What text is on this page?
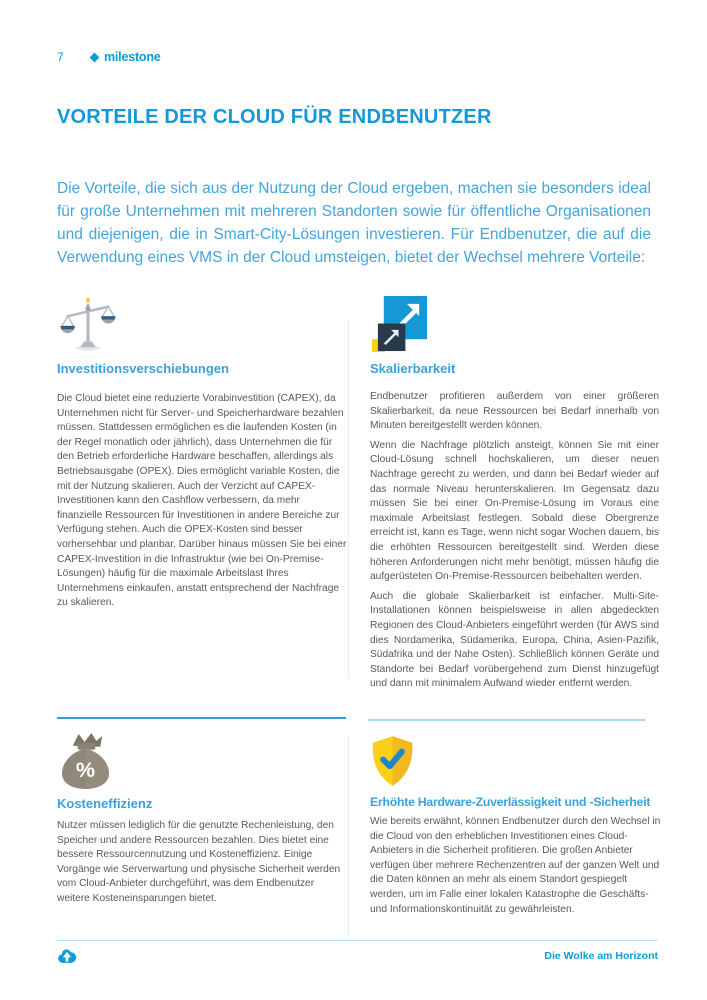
7	milestone
VORTEILE DER CLOUD FÜR ENDBENUTZER
Die Vorteile, die sich aus der Nutzung der Cloud ergeben, machen sie besonders ideal für große Unternehmen mit mehreren Standorten sowie für öffentliche Organisationen und diejenigen, die in Smart-City-Lösungen investieren. Für Endbenutzer, die auf die Verwendung eines VMS in der Cloud umsteigen, bietet der Wechsel mehrere Vorteile:
Investitionsverschiebungen
Die Cloud bietet eine reduzierte Vorabinvestition (CAPEX), da Unternehmen nicht für Server- und Speicherhardware bezahlen müssen. Stattdessen ermöglichen es die laufenden Kosten (in der Regel monatlich oder jährlich), dass Unternehmen die für den Betrieb erforderliche Hardware beschaffen, allerdings als Betriebsausgabe (OPEX). Dies ermöglicht variable Kosten, die mit der Nutzung skalieren. Auch der Verzicht auf CAPEX-Investitionen kann den Cashflow verbessern, da mehr finanzielle Ressourcen für Investitionen in andere Bereiche zur Verfügung stehen. Auch die OPEX-Kosten sind besser vorhersehbar und planbar. Darüber hinaus müssen Sie bei einer CAPEX-Investition in die Infrastruktur (wie bei On-Premise-Lösungen) häufig für die maximale Arbeitslast Ihres Unternehmens einkaufen, anstatt entsprechend der Nachfrage zu skalieren.
Skalierbarkeit

Endbenutzer profitieren außerdem von einer größeren Skalierbarkeit, da neue Ressourcen bei Bedarf innerhalb von Minuten bereitgestellt werden können.

Wenn die Nachfrage plötzlich ansteigt, können Sie mit einer Cloud-Lösung schnell hochskalieren, um dieser neuen Nachfrage gerecht zu werden, und dann bei Bedarf wieder auf das normale Niveau herunterskalieren. Im Gegensatz dazu müssen Sie bei einer On-Premise-Lösung im Voraus eine maximale Arbeitslast festlegen. Sobald diese Obergrenze erreicht ist, kann es Tage, wenn nicht sogar Wochen dauern, bis die erhöhten Ressourcen bereitgestellt sind. Werden diese höheren Anforderungen nicht mehr benötigt, müssen häufig die aufgerüsteten On-Premise-Ressourcen beibehalten werden.

Auch die globale Skalierbarkeit ist einfacher. Multi-Site-Installationen können beispielsweise in allen abgedeckten Regionen des Cloud-Anbieters eingeführt werden (für AWS sind dies Nordamerika, Südamerika, Europa, China, Asien-Pazifik, Südafrika und der Nahe Osten). Schließlich können Geräte und Standorte bei Bedarf vorübergehend zum Dienst hinzugefügt und dann mit minimalem Aufwand wieder entfernt werden.

%
Kosteneffizienz
Nutzer müssen lediglich für die genutzte Rechenleistung, den Speicher und andere Ressourcen bezahlen. Dies bietet eine bessere Ressourcennutzung und Kosteneffizienz. Einige Vorgänge wie Serverwartung und physische Sicherheit werden vom Cloud-Anbieter durchgeführt, was dem Endbenutzer weitere Kosteneinsparungen bietet.
Erhöhte Hardware-Zuverlässigkeit und -Sicherheit
Wie bereits erwähnt, können Endbenutzer durch den Wechsel in die Cloud von den erheblichen Investitionen eines Cloud-Anbieters in die Sicherheit profitieren. Die großen Anbieter verfügen über mehrere Rechenzentren auf der ganzen Welt und die Daten können an mehr als einem Standort gespiegelt werden, um im Falle einer lokalen Katastrophe die Geschäfts- und Informationskontinuität zu gewährleisten.
Die Wolke am Horizont
